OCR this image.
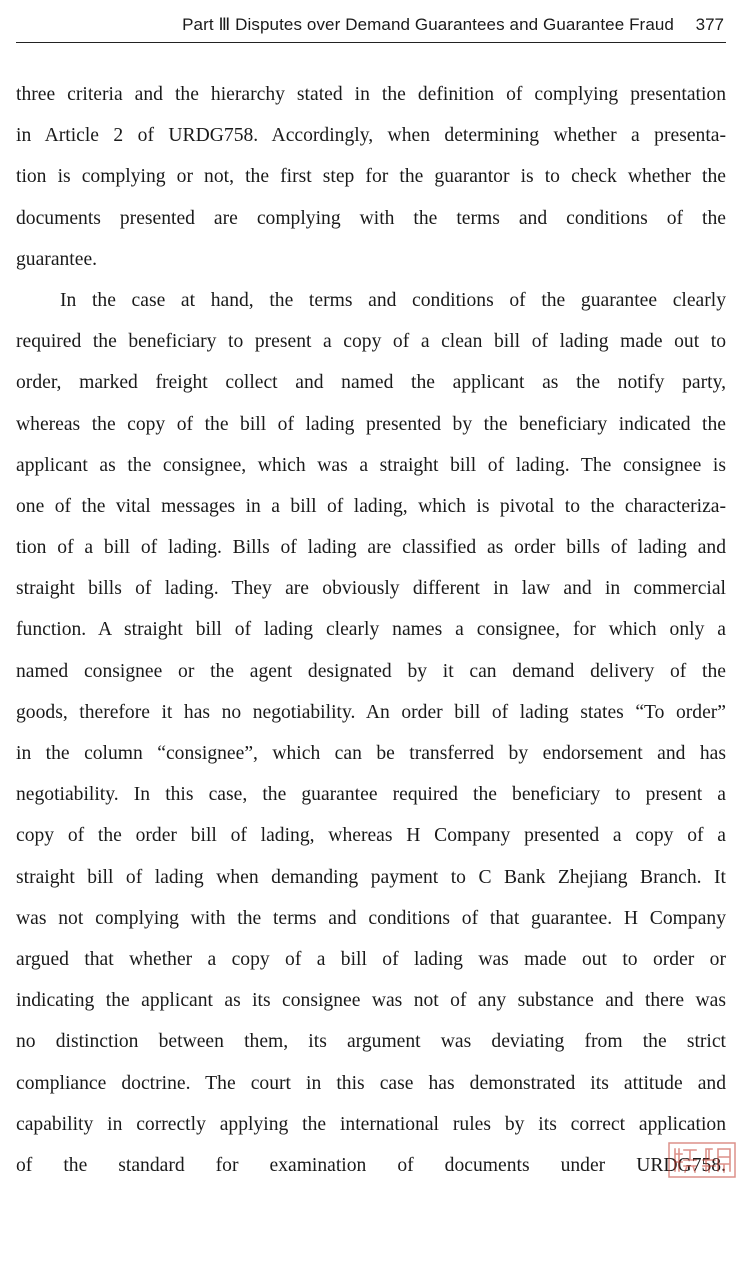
Part Ⅲ Disputes over Demand Guarantees and Guarantee Fraud 377
three criteria and the hierarchy stated in the definition of complying presentation
in Article 2 of URDG758. Accordingly, when determining whether a presenta-
tion is complying or not, the first step for the guarantor is to check whether the
documents presented are complying with the terms and conditions of the
guarantee.
In the case at hand, the terms and conditions of the guarantee clearly
required the beneficiary to present a copy of a clean bill of lading made out to
order, marked freight collect and named the applicant as the notify party,
whereas the copy of the bill of lading presented by the beneficiary indicated the
applicant as the consignee, which was a straight bill of lading. The consignee is
one of the vital messages in a bill of lading, which is pivotal to the characteriza-
tion of a bill of lading. Bills of lading are classified as order bills of lading and
straight bills of lading. They are obviously different in law and in commercial
function. A straight bill of lading clearly names a consignee, for which only a
named consignee or the agent designated by it can demand delivery of the
goods, therefore it has no negotiability. An order bill of lading states “To order”
in the column “consignee”, which can be transferred by endorsement and has
negotiability. In this case, the guarantee required the beneficiary to present a
copy of the order bill of lading, whereas H Company presented a copy of a
straight bill of lading when demanding payment to C Bank Zhejiang Branch. It
was not complying with the terms and conditions of that guarantee. H Company
argued that whether a copy of a bill of lading was made out to order or
indicating the applicant as its consignee was not of any substance and there was
no distinction between them, its argument was deviating from the strict
compliance doctrine. The court in this case has demonstrated its attitude and
capability in correctly applying the international rules by its correct application
of the standard for examination of documents under URDG758.
